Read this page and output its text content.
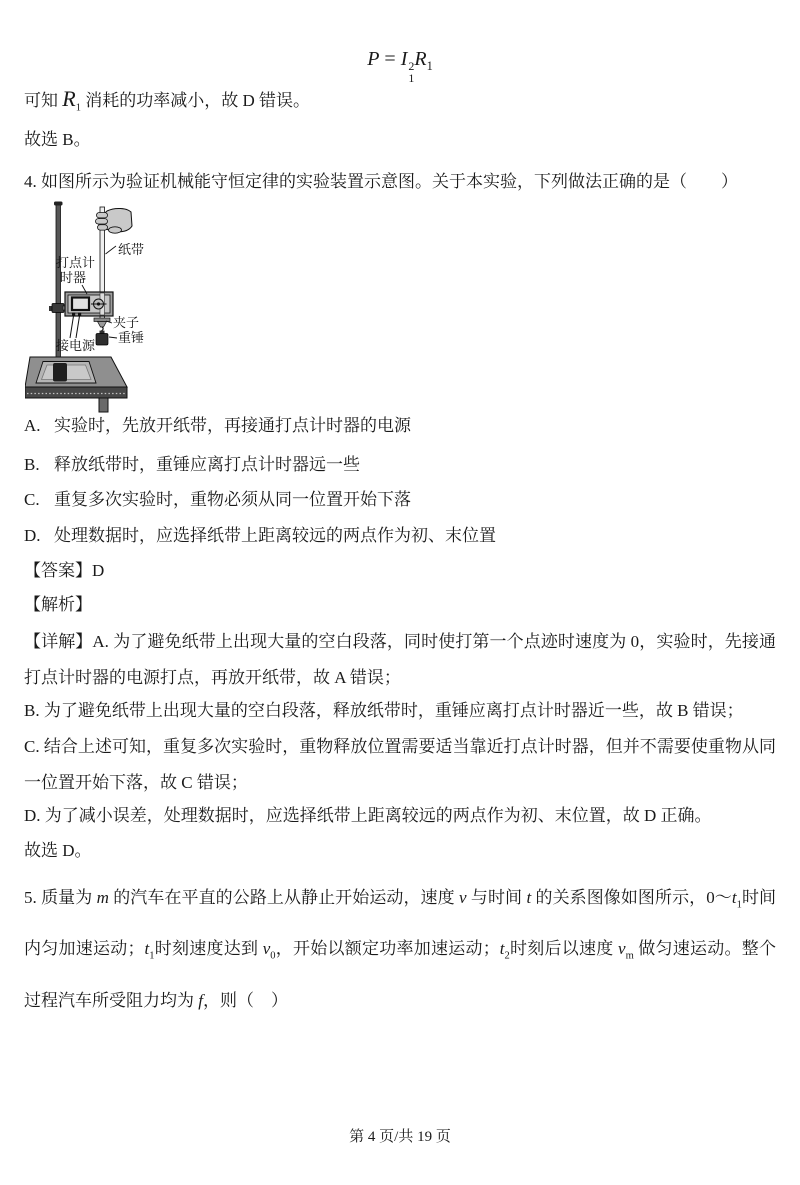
P = I 2
1
$R_1$

可知 $R_1$ 消耗的功率减小，故 D 错误。

故选 B。

4. 如图所示为验证机械能守恒定律的实验装置示意图。关于本实验，下列做法正确的是（　　）

打点计
时器
纸带
夹子
重锤
接电源
A. 实验时，先放开纸带，再接通打点计时器的电源
B. 释放纸带时，重锤应离打点计时器远一些
C. 重复多次实验时，重物必须从同一位置开始下落
D. 处理数据时，应选择纸带上距离较远的两点作为初、末位置

【答案】D

【解析】

【详解】A. 为了避免纸带上出现大量的空白段落，同时使打第一个点迹时速度为 0，实验时，先接通打点计时器的电源打点，再放开纸带，故 A 错误；

B. 为了避免纸带上出现大量的空白段落，释放纸带时，重锤应离打点计时器近一些，故 B 错误；

C. 结合上述可知，重复多次实验时，重物释放位置需要适当靠近打点计时器，但并不需要使重物从同一位置开始下落，故 C 错误；

D. 为了减小误差，处理数据时，应选择纸带上距离较远的两点作为初、末位置，故 D 正确。

故选 D。

5. 质量为 m 的汽车在平直的公路上从静止开始运动，速度 v 与时间 t 的关系图像如图所示，$0\sim t_1$时间内匀加速运动；$t_1$时刻速度达到 $v_0$，开始以额定功率加速运动；$t_2$时刻后以速度 $v_m$ 做匀速运动。整个过程汽车所受阻力均为 f，则（　）

第 4 页/共 19 页
